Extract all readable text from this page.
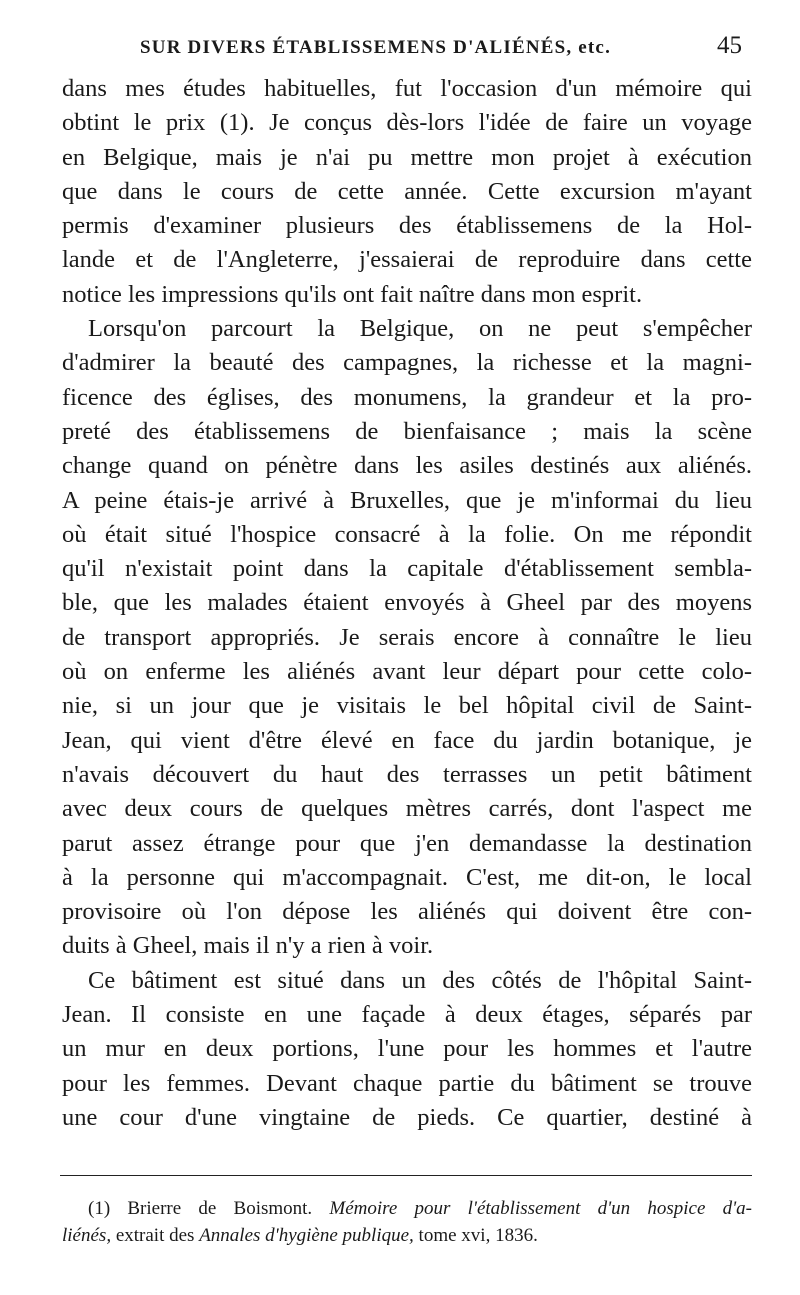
SUR DIVERS ÉTABLISSEMENS D'ALIÉNÉS, etc.	45
dans mes études habituelles, fut l'occasion d'un mémoire qui
obtint le prix (1). Je conçus dès-lors l'idée de faire un voyage
en Belgique, mais je n'ai pu mettre mon projet à exécution
que dans le cours de cette année. Cette excursion m'ayant
permis d'examiner plusieurs des établissemens de la Hol-
lande et de l'Angleterre, j'essaierai de reproduire dans cette
notice les impressions qu'ils ont fait naître dans mon esprit.
Lorsqu'on parcourt la Belgique, on ne peut s'empêcher
d'admirer la beauté des campagnes, la richesse et la magni-
ficence des églises, des monumens, la grandeur et la pro-
preté des établissemens de bienfaisance ; mais la scène
change quand on pénètre dans les asiles destinés aux aliénés.
A peine étais-je arrivé à Bruxelles, que je m'informai du lieu
où était situé l'hospice consacré à la folie. On me répondit
qu'il n'existait point dans la capitale d'établissement sembla-
ble, que les malades étaient envoyés à Gheel par des moyens
de transport appropriés. Je serais encore à connaître le lieu
où on enferme les aliénés avant leur départ pour cette colo-
nie, si un jour que je visitais le bel hôpital civil de Saint-
Jean, qui vient d'être élevé en face du jardin botanique, je
n'avais découvert du haut des terrasses un petit bâtiment
avec deux cours de quelques mètres carrés, dont l'aspect me
parut assez étrange pour que j'en demandasse la destination
à la personne qui m'accompagnait. C'est, me dit-on, le local
provisoire où l'on dépose les aliénés qui doivent être con-
duits à Gheel, mais il n'y a rien à voir.
Ce bâtiment est situé dans un des côtés de l'hôpital Saint-
Jean. Il consiste en une façade à deux étages, séparés par
un mur en deux portions, l'une pour les hommes et l'autre
pour les femmes. Devant chaque partie du bâtiment se trouve
une cour d'une vingtaine de pieds. Ce quartier, destiné à
(1) Brierre de Boismont. Mémoire pour l'établissement d'un hospice d'a-
liénés, extrait des Annales d'hygiène publique, tome xvi, 1836.
